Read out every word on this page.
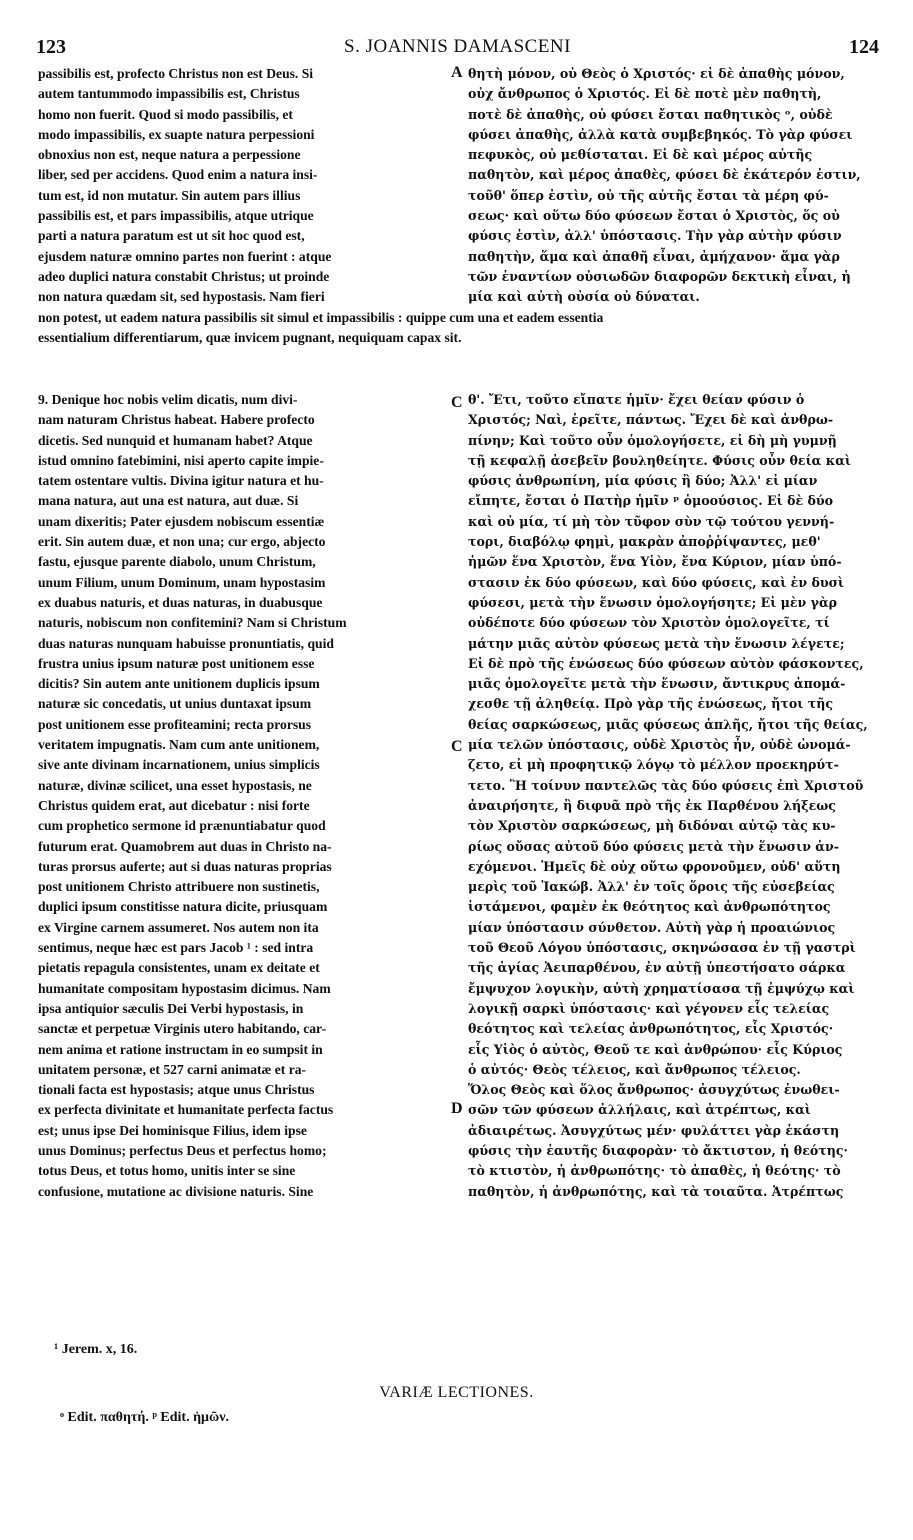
123	S. JOANNIS DAMASCENI	124
passibilis est, profecto Christus non est Deus. Si
autem tantummodo impassibilis est, Christus
homo non fuerit. Quod si modo passibilis, et
modo impassibilis, ex suapte natura perpessioni
obnoxius non est, neque natura a perpessione
liber, sed per accidens. Quod enim a natura insi-
tum est, id non mutatur. Sin autem pars illius
passibilis est, et pars impassibilis, atque utrique
parti a natura paratum est ut sit hoc quod est,
ejusdem naturæ omnino partes non fuerint : atque
adeo duplici natura constabit Christus; ut proinde
non natura quædam sit, sed hypostasis. Nam fieri
θητὴ μόνον, οὐ Θεὸς ὁ Χριστός· εἰ δὲ ἀπαθὴς μόνον,
οὐχ ἄνθρωπος ὁ Χριστός. Εἰ δὲ ποτὲ μὲν παθητὴ,
ποτὲ δὲ ἀπαθὴς, οὐ φύσει ἔσται παθητικὸς ᵒ, οὐδὲ
φύσει ἀπαθὴς, ἀλλὰ κατὰ συμβεβηκός. Τὸ γὰρ φύσει
πεφυκὸς, οὐ μεθίσταται. Εἰ δὲ καὶ μέρος αὐτῆς
παθητὸν, καὶ μέρος ἀπαθὲς, φύσει δὲ ἑκάτερόν ἐστιν,
τοῦθ' ὅπερ ἐστὶν, οὐ τῆς αὐτῆς ἔσται τὰ μέρη φύ-
σεως· καὶ οὕτω δύο φύσεων ἔσται ὁ Χριστὸς, ὅς οὐ
φύσις ἐστὶν, ἀλλ' ὑπόστασις. Τὴν γὰρ αὐτὴν φύσιν
παθητὴν, ἅμα καὶ ἀπαθῆ εἶναι, ἀμήχανον· ἅμα γὰρ
τῶν ἐναντίων οὐσιωδῶν διαφορῶν δεκτικὴ εἶναι, ἡ
μία καὶ αὐτὴ οὐσία οὐ δύναται.
non potest, ut eadem natura passibilis sit simul et impassibilis : quippe cum una et eadem essentia
essentialium differentiarum, quæ invicem pugnant, nequiquam capax sit.
9. Denique hoc nobis velim dicatis, num divi-
nam naturam Christus habeat. Habere profecto
dicetis. Sed nunquid et humanam habet? Atque
istud omnino fatebimini, nisi aperto capite impie-
tatem ostentare vultis. Divina igitur natura et hu-
mana natura, aut una est natura, aut duæ. Si
unam dixeritis; Pater ejusdem nobiscum essentiæ
erit. Sin autem duæ, et non una; cur ergo, abjecto
fastu, ejusque parente diabolo, unum Christum,
unum Filium, unum Dominum, unam hypostasim
ex duabus naturis, et duas naturas, in duabusque
naturis, nobiscum non confitemini? Nam si Christum
duas naturas nunquam habuisse pronuntiatis, quid
frustra unius ipsum naturæ post unitionem esse
dicitis? Sin autem ante unitionem duplicis ipsum
naturæ sic concedatis, ut unius duntaxat ipsum
post unitionem esse profiteamini; recta prorsus
veritatem impugnatis. Nam cum ante unitionem,
sive ante divinam incarnationem, unius simplicis
naturæ, divinæ scilicet, una esset hypostasis, ne
Christus quidem erat, aut dicebatur : nisi forte
cum prophetico sermone id prænuntiabatur quod
futurum erat. Quamobrem aut duas in Christo na-
turas prorsus auferte; aut si duas naturas proprias
post unitionem Christo attribuere non sustinetis,
duplici ipsum constitisse natura dicite, priusquam
ex Virgine carnem assumeret. Nos autem non ita
sentimus, neque hæc est pars Jacob ¹ : sed intra
pietatis repagula consistentes, unam ex deitate et
humanitate compositam hypostasim dicimus. Nam
ipsa antiquior sæculis Dei Verbi hypostasis, in
sanctæ et perpetuæ Virginis utero habitando, car-
nem anima et ratione instructam in eo sumpsit in
unitatem personæ, et 527 carni animatæ et ra-
tionali facta est hypostasis; atque unus Christus
ex perfecta divinitate et humanitate perfecta factus
est; unus ipse Dei hominisque Filius, idem ipse
unus Dominus; perfectus Deus et perfectus homo;
totus Deus, et totus homo, unitis inter se sine
confusione, mutatione ac divisione naturis. Sine
θ'. Ἔτι, τοῦτο εἴπατε ἡμῖν· ἔχει θείαν φύσιν ὁ
Χριστός; Ναὶ, ἐρεῖτε, πάντως. Ἔχει δὲ καὶ ἀνθρω-
πίνην; Καὶ τοῦτο οὖν ὁμολογήσετε, εἰ δὴ μὴ γυμνῇ
τῇ κεφαλῇ ἀσεβεῖν βουληθείητε. Φύσις οὖν θεία καὶ
φύσις ἀνθρωπίνη, μία φύσις ἢ δύο; Ἀλλ' εἰ μίαν
εἴπητε, ἔσται ὁ Πατὴρ ἡμῖν ᵖ ὁμοούσιος. Εἰ δὲ δύο
καὶ οὐ μία, τί μὴ τὸν τῦφον σὺν τῷ τούτου γεννή-
τορι, διαβόλῳ φημὶ, μακρὰν ἀποῤῥίψαντες, μεθ'
ἡμῶν ἕνα Χριστὸν, ἕνα Υἱὸν, ἕνα Κύριον, μίαν ὑπό-
στασιν ἐκ δύο φύσεων, καὶ δύο φύσεις, καὶ ἐν δυσὶ
φύσεσι, μετὰ τὴν ἕνωσιν ὁμολογήσητε; Εἰ μὲν γὰρ
οὐδέποτε δύο φύσεων τὸν Χριστὸν ὁμολογεῖτε, τί
μάτην μιᾶς αὐτὸν φύσεως μετὰ τὴν ἕνωσιν λέγετε;
Εἰ δὲ πρὸ τῆς ἑνώσεως δύο φύσεων αὐτὸν φάσκοντες,
μιᾶς ὁμολογεῖτε μετὰ τὴν ἕνωσιν, ἄντικρυς ἀπομά-
χεσθε τῇ ἀληθείᾳ. Πρὸ γὰρ τῆς ἑνώσεως, ἤτοι τῆς
θείας σαρκώσεως, μιᾶς φύσεως ἁπλῆς, ἤτοι τῆς θείας,
μία τελῶν ὑπόστασις, οὐδὲ Χριστὸς ἦν, οὐδὲ ὠνομά-
ζετο, εἰ μὴ προφητικῷ λόγῳ τὸ μέλλον προεκηρύτ-
τετο. Ἢ τοίνυν παντελῶς τὰς δύο φύσεις ἐπὶ Χριστοῦ
ἀναιρήσητε, ἢ διφυᾶ πρὸ τῆς ἐκ Παρθένου λήξεως
τὸν Χριστὸν σαρκώσεως, μὴ διδόναι αὐτῷ τὰς κυ-
ρίως οὔσας αὐτοῦ δύο φύσεις μετὰ τὴν ἕνωσιν ἀν-
εχόμενοι. Ἡμεῖς δὲ οὐχ οὕτω φρονοῦμεν, οὐδ' αὕτη
μερὶς τοῦ Ἰακώβ. Ἀλλ' ἐν τοῖς ὅροις τῆς εὐσεβείας
ἱστάμενοι, φαμὲν ἐκ θεότητος καὶ ἀνθρωπότητος
μίαν ὑπόστασιν σύνθετον. Αὐτὴ γὰρ ἡ προαιώνιος
τοῦ Θεοῦ Λόγου ὑπόστασις, σκηνώσασα ἐν τῇ γαστρὶ
τῆς ἁγίας Ἀειπαρθένου, ἐν αὐτῇ ὑπεστήσατο σάρκα
ἔμψυχον λογικὴν, αὐτὴ χρηματίσασα τῇ ἐμψύχῳ καὶ
λογικῇ σαρκὶ ὑπόστασις· καὶ γέγονεν εἷς τελείας
θεότητος καὶ τελείας ἀνθρωπότητος, εἷς Χριστός·
εἷς Υἱὸς ὁ αὐτὸς, Θεοῦ τε καὶ ἀνθρώπου· εἷς Κύριος
ὁ αὐτός· Θεὸς τέλειος, καὶ ἄνθρωπος τέλειος.
Ὅλος Θεὸς καὶ ὅλος ἄνθρωπος· ἀσυγχύτως ἑνωθει-
σῶν τῶν φύσεων ἀλλήλαις, καὶ ἀτρέπτως, καὶ
ἀδιαιρέτως. Ἀσυγχύτως μέν· φυλάττει γὰρ ἑκάστη
φύσις τὴν ἑαυτῆς διαφορὰν· τὸ ἄκτιστον, ἡ θεότης·
τὸ κτιστὸν, ἡ ἀνθρωπότης· τὸ ἀπαθὲς, ἡ θεότης· τὸ
παθητὸν, ἡ ἀνθρωπότης, καὶ τὰ τοιαῦτα. Ἀτρέπτως
A
C
C
D
¹ Jerem. x, 16.
VARIÆ LECTIONES.
ᵒ Edit. παθητή. ᵖ Edit. ἡμῶν.
